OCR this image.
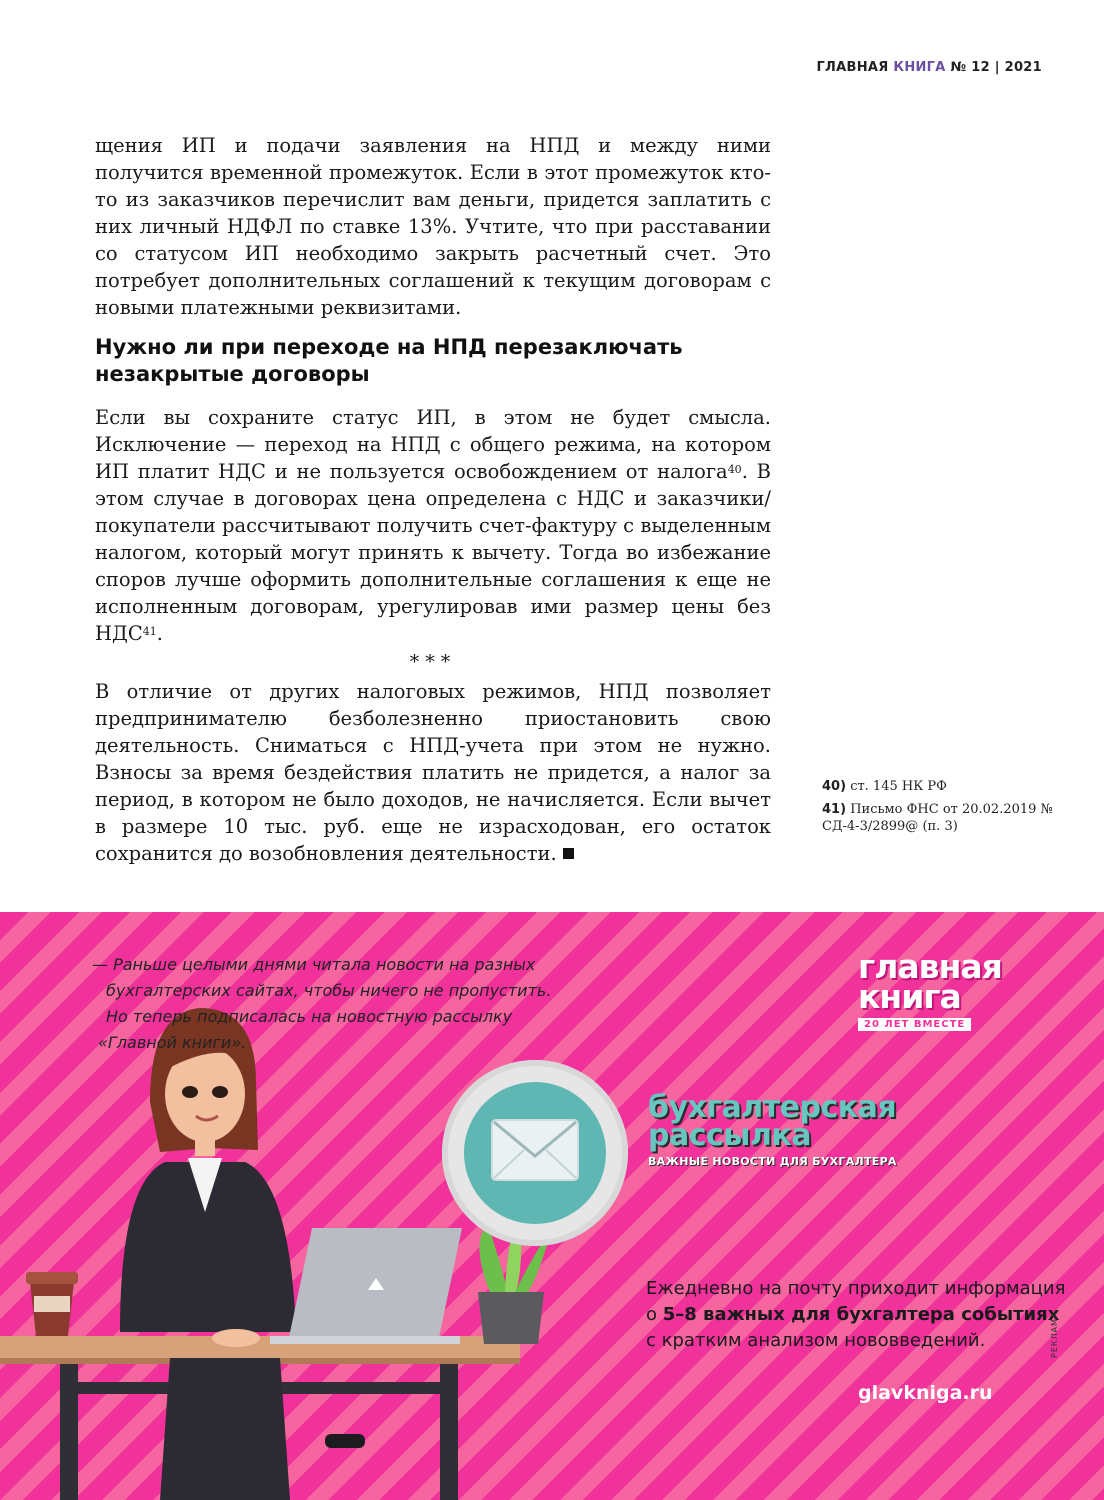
ГЛАВНАЯ КНИГА № 12 | 2021

щения ИП и подачи заявления на НПД и между ними получится временной промежуток. Если в этот промежуток кто-то из заказчиков перечислит вам деньги, придется заплатить с них личный НДФЛ по ставке 13%. Учтите, что при расставании со статусом ИП необходимо закрыть расчетный счет. Это потребует дополнительных соглашений к текущим договорам с новыми платежными реквизитами.

Нужно ли при переходе на НПД перезаключать незакрытые договоры

Если вы сохраните статус ИП, в этом не будет смысла. Исключение — переход на НПД с общего режима, на котором ИП платит НДС и не пользуется освобождением от налога$^{40}$. В этом случае в договорах цена определена с НДС и заказчики/покупатели рассчитывают получить счет-фактуру с выделенным налогом, который могут принять к вычету. Тогда во избежание споров лучше оформить дополнительные соглашения к еще не исполненным договорам, урегулировав ими размер цены без НДС$^{41}$.

***

В отличие от других налоговых режимов, НПД позволяет предпринимателю безболезненно приостановить свою деятельность. Сниматься с НПД-учета при этом не нужно. Взносы за время бездействия платить не придется, а налог за период, в котором не было доходов, не начисляется. Если вычет в размере 10 тыс. руб. еще не израсходован, его остаток сохранится до возобновления деятельности.

40) ст. 145 НК РФ
41) Письмо ФНС от 20.02.2019 № СД-4-3/2899@ (п. 3)
— Раньше целыми днями читала новости на разных
бухгалтерских сайтах, чтобы ничего не пропустить.
Но теперь подписалась на новостную рассылку
«Главной книги».
главная
книга
20 ЛЕТ ВМЕСТЕ
бухгалтерская
рассылка
ВАЖНЫЕ НОВОСТИ ДЛЯ БУХГАЛТЕРА
Ежедневно на почту приходит информация
о 5–8 важных для бухгалтера событиях
с кратким анализом нововведений.
glavkniga.ru
РЕКЛАМА
